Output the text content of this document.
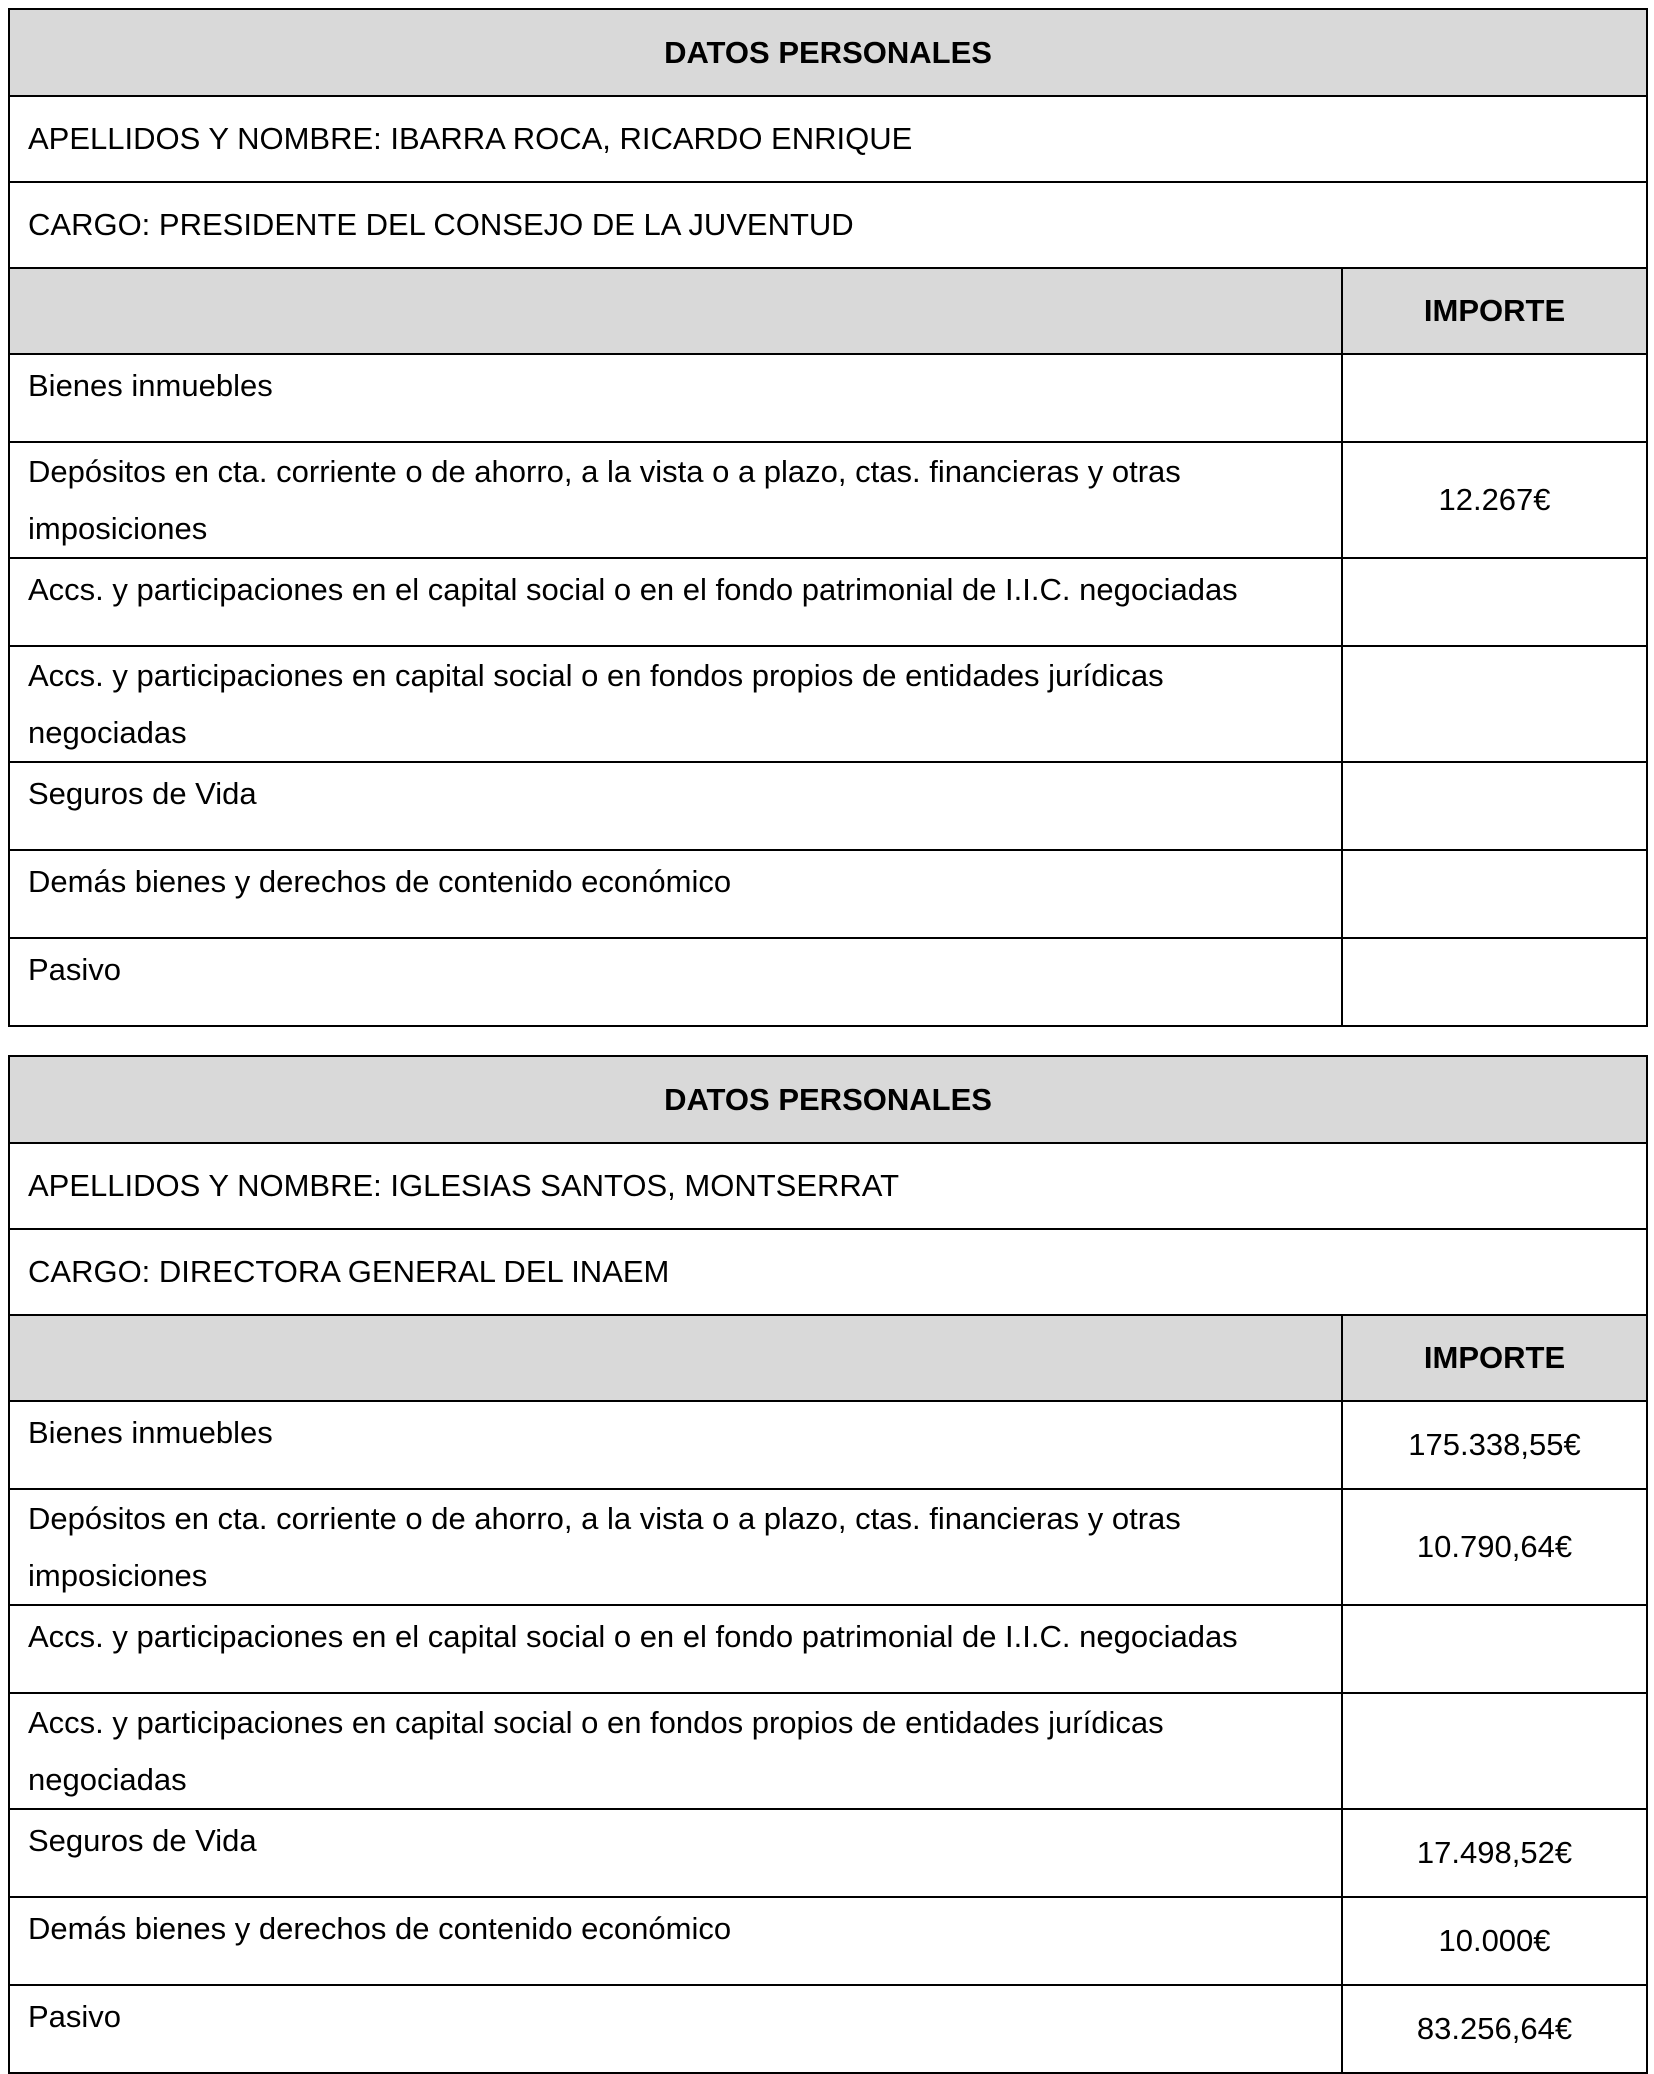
DATOS PERSONALES	
APELLIDOS Y NOMBRE: IBARRA ROCA, RICARDO ENRIQUE	
CARGO: PRESIDENTE DEL CONSEJO DE LA JUVENTUD	
	IMPORTE
Bienes inmuebles	
Depósitos en cta. corriente o de ahorro, a la vista o a plazo, ctas. financieras y otras imposiciones	12.267€
Accs. y participaciones en el capital social o en el fondo patrimonial de I.I.C. negociadas	
Accs. y participaciones en capital social o en fondos propios de entidades jurídicas negociadas	
Seguros de Vida	
Demás bienes y derechos de contenido económico	
Pasivo	
DATOS PERSONALES	
APELLIDOS Y NOMBRE: IGLESIAS SANTOS, MONTSERRAT	
CARGO: DIRECTORA GENERAL DEL INAEM	
	IMPORTE
Bienes inmuebles	175.338,55€
Depósitos en cta. corriente o de ahorro, a la vista o a plazo, ctas. financieras y otras imposiciones	10.790,64€
Accs. y participaciones en el capital social o en el fondo patrimonial de I.I.C. negociadas	
Accs. y participaciones en capital social o en fondos propios de entidades jurídicas negociadas	
Seguros de Vida	17.498,52€
Demás bienes y derechos de contenido económico	10.000€
Pasivo	83.256,64€
